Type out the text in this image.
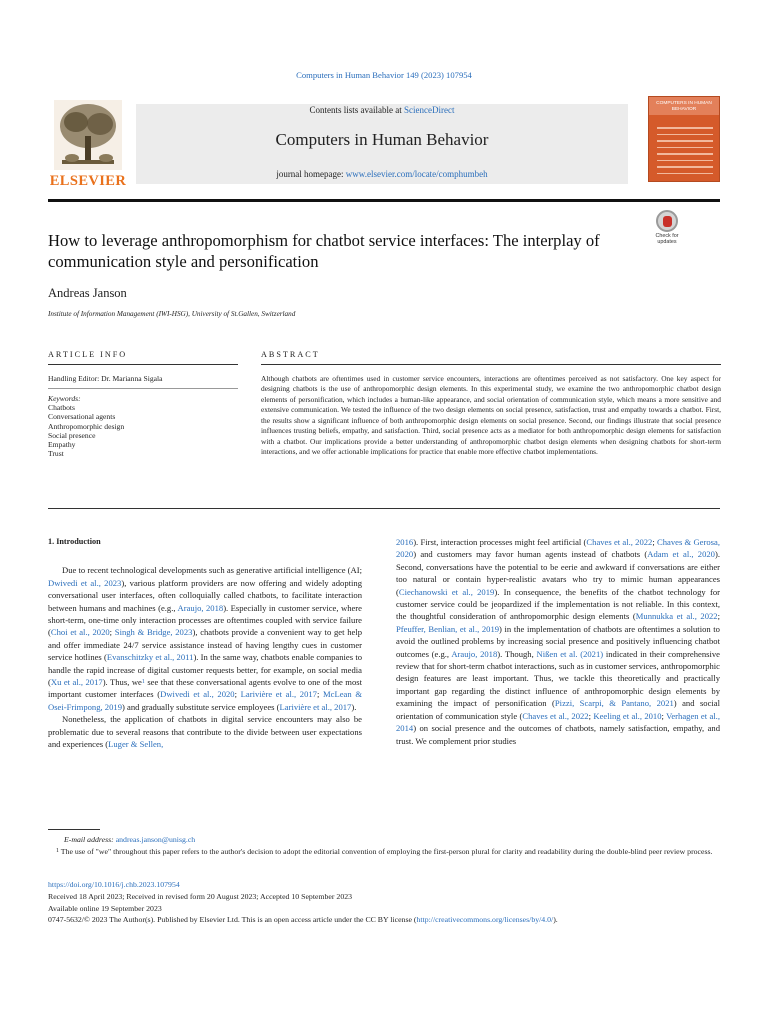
Computers in Human Behavior 149 (2023) 107954
ELSEVIER
Contents lists available at ScienceDirect
Computers in Human Behavior
journal homepage: www.elsevier.com/locate/comphumbeh
COMPUTERS IN HUMAN BEHAVIOR
How to leverage anthropomorphism for chatbot service interfaces: The interplay of communication style and personification
Check for updates
Andreas Janson
Institute of Information Management (IWI-HSG), University of St.Gallen, Switzerland
ARTICLE INFO	ABSTRACT
Handling Editor: Dr. Marianna Sigala
Keywords:
Chatbots
Conversational agents
Anthropomorphic design
Social presence
Empathy
Trust
Although chatbots are oftentimes used in customer service encounters, interactions are oftentimes perceived as not satisfactory. One key aspect for designing chatbots is the use of anthropomorphic design elements. In this experimental study, we examine the two anthropomorphic chatbot design elements of personification, which includes a human-like appearance, and social orientation of communication style, which means a more sensitive and extensive communication. We tested the influence of the two design elements on social presence, satisfaction, trust and empathy towards a chatbot. First, the results show a significant influence of both anthropomorphic design elements on social presence. Second, our findings illustrate that social presence influences trusting beliefs, empathy, and satisfaction. Third, social presence acts as a mediator for both anthropomorphic design elements for satisfaction with a chatbot. Our implications provide a better understanding of anthropomorphic chatbot design elements when designing chatbots for short-term interactions, and we offer actionable implications for practice that enable more effective chatbot implementations.
1. Introduction

Due to recent technological developments such as generative artificial intelligence (AI; Dwivedi et al., 2023), various platform providers are now offering and widely adopting conversational user interfaces, often colloquially called chatbots, to facilitate interaction between humans and machines (e.g., Araujo, 2018). Especially in customer service, where short-term, one-time only interaction processes are oftentimes coupled with service failure (Choi et al., 2020; Singh & Bridge, 2023), chatbots provide a convenient way to get help and offer immediate 24/7 service assistance instead of having lengthy cues in customer service hotlines (Evanschitzky et al., 2011). In the same way, chatbots enable companies to handle the rapid increase of digital customer requests better, for example, on social media (Xu et al., 2017). Thus, $we^1$ see that these conversational agents evolve to one of the most important customer interfaces (Dwivedi et al., 2020; Larivière et al., 2017; McLean & Osei-Frimpong, 2019) and gradually substitute service employees (Larivière et al., 2017).

Nonetheless, the application of chatbots in digital service encounters may also be problematic due to several reasons that contribute to the divide between user expectations and experiences (Luger & Sellen,

2016). First, interaction processes might feel artificial (Chaves et al., 2022; Chaves & Gerosa, 2020) and customers may favor human agents instead of chatbots (Adam et al., 2020). Second, conversations have the potential to be eerie and awkward if conversations are either too natural or contain hyper-realistic avatars who try to mimic human appearances (Ciechanowski et al., 2019). In consequence, the benefits of the chatbot technology for customer service could be jeopardized if the implementation is not reliable. In this context, the thoughtful consideration of anthropomorphic design elements (Munnukka et al., 2022; Pfeuffer, Benlian, et al., 2019) in the implementation of chatbots are oftentimes a solution to avoid the outlined problems by increasing social presence and positively influencing chatbot outcomes (e.g., Araujo, 2018). Though, Nißen et al. (2021) indicated in their comprehensive review that for short-term chatbot interactions, such as in customer services, anthropomorphic design features are least important. Thus, we tackle this theoretically and practically important gap regarding the distinct influence of anthropomorphic design elements by examining the impact of personification (Pizzi, Scarpi, & Pantano, 2021) and social orientation of communication style (Chaves et al., 2022; Keeling et al., 2010; Verhagen et al., 2014) on social presence and the outcomes of chatbots, namely satisfaction, empathy, and trust. We complement prior studies

E-mail address: andreas.janson@unisg.ch

$^1$ The use of "we" throughout this paper refers to the author's decision to adopt the editorial convention of employing the first-person plural for clarity and readability during the double-blind peer review process.

https://doi.org/10.1016/j.chb.2023.107954
Received 18 April 2023; Received in revised form 20 August 2023; Accepted 10 September 2023
Available online 19 September 2023
0747-5632/© 2023 The Author(s). Published by Elsevier Ltd. This is an open access article under the CC BY license (http://creativecommons.org/licenses/by/4.0/).
